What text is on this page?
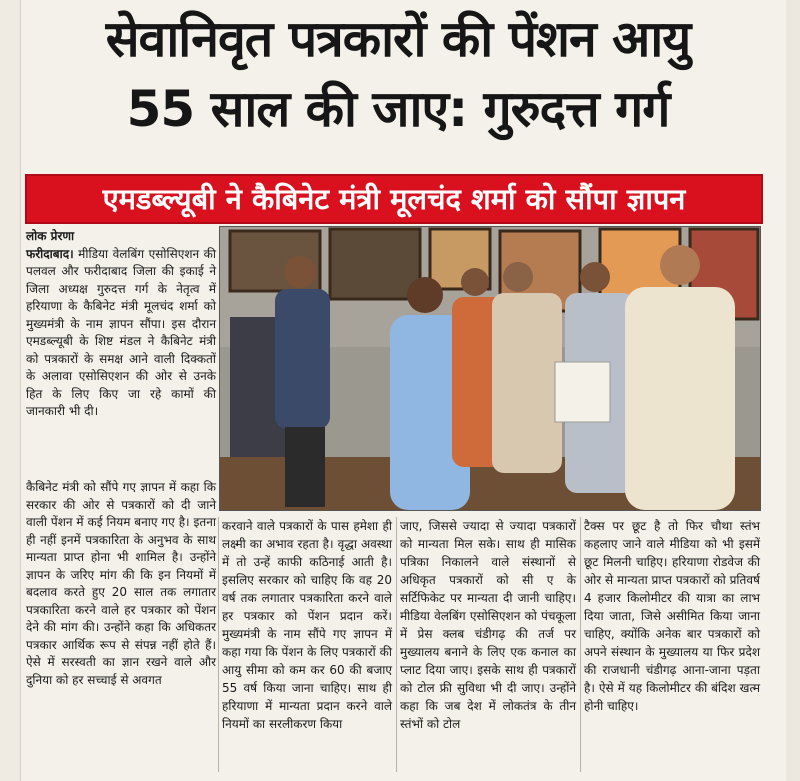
सेवानिवृत पत्रकारों की पेंशन आयु
55 साल की जाए: गुरुदत्त गर्ग
एमडब्ल्यूबी ने कैबिनेट मंत्री मूलचंद शर्मा को सौंपा ज्ञापन
लोक प्रेरणा
फरीदाबाद। मीडिया वेलबिंग एसोसिएशन की पलवल और फरीदाबाद जिला की इकाई ने जिला अध्यक्ष गुरुदत्त गर्ग के नेतृत्व में हरियाणा के कैबिनेट मंत्री मूलचंद शर्मा को मुख्यमंत्री के नाम ज्ञापन सौंपा। इस दौरान एमडब्ल्यूबी के शिष्ट मंडल ने कैबिनेट मंत्री को पत्रकारों के समक्ष आने वाली दिक्कतों के अलावा एसोसिएशन की ओर से उनके हित के लिए किए जा रहे कामों की जानकारी भी दी।
कैबिनेट मंत्री को सौंपे गए ज्ञापन में कहा कि सरकार की ओर से पत्रकारों को दी जाने वाली पेंशन में कई नियम बनाए गए है। इतना ही नहीं इनमें पत्रकारिता के अनुभव के साथ मान्यता प्राप्त होना भी शामिल है। उन्होंने ज्ञापन के जरिए मांग की कि इन नियमों में बदलाव करते हुए 20 साल तक लगातार पत्रकारिता करने वाले हर पत्रकार को पेंशन देने की मांग की। उन्होंने कहा कि अधिकतर पत्रकार आर्थिक रूप से संपन्न नहीं होते हैं। ऐसे में सरस्वती का ज्ञान रखने वाले और दुनिया को हर सच्चाई से अवगत
करवाने वाले पत्रकारों के पास हमेशा ही लक्ष्मी का अभाव रहता है। वृद्धा अवस्था में तो उन्हें काफी कठिनाई आती है। इसलिए सरकार को चाहिए कि वह 20 वर्ष तक लगातार पत्रकारिता करने वाले हर पत्रकार को पेंशन प्रदान करें। मुख्यमंत्री के नाम सौंपे गए ज्ञापन में कहा गया कि पेंशन के लिए पत्रकारों की आयु सीमा को कम कर 60 की बजाए 55 वर्ष किया जाना चाहिए। साथ ही हरियाणा में मान्यता प्रदान करने वाले नियमों का सरलीकरण किया
जाए, जिससे ज्यादा से ज्यादा पत्रकारों को मान्यता मिल सके। साथ ही मासिक पत्रिका निकालने वाले संस्थानों से अधिकृत पत्रकारों को सी ए के सर्टिफिकेट पर मान्यता दी जानी चाहिए। मीडिया वेलबिंग एसोसिएशन को पंचकूला में प्रेस क्लब चंडीगढ़ की तर्ज पर मुख्यालय बनाने के लिए एक कनाल का प्लाट दिया जाए। इसके साथ ही पत्रकारों को टोल फ्री सुविधा भी दी जाए। उन्होंने कहा कि जब देश में लोकतंत्र के तीन स्तंभों को टोल
टैक्स पर छूट है तो फिर चौथा स्तंभ कहलाए जाने वाले मीडिया को भी इसमें छूट मिलनी चाहिए। हरियाणा रोडवेज की ओर से मान्यता प्राप्त पत्रकारों को प्रतिवर्ष 4 हजार किलोमीटर की यात्रा का लाभ दिया जाता, जिसे असीमित किया जाना चाहिए, क्योंकि अनेक बार पत्रकारों को अपने संस्थान के मुख्यालय या फिर प्रदेश की राजधानी चंडीगढ़ आना-जाना पड़ता है। ऐसे में यह किलोमीटर की बंदिश खत्म होनी चाहिए।
